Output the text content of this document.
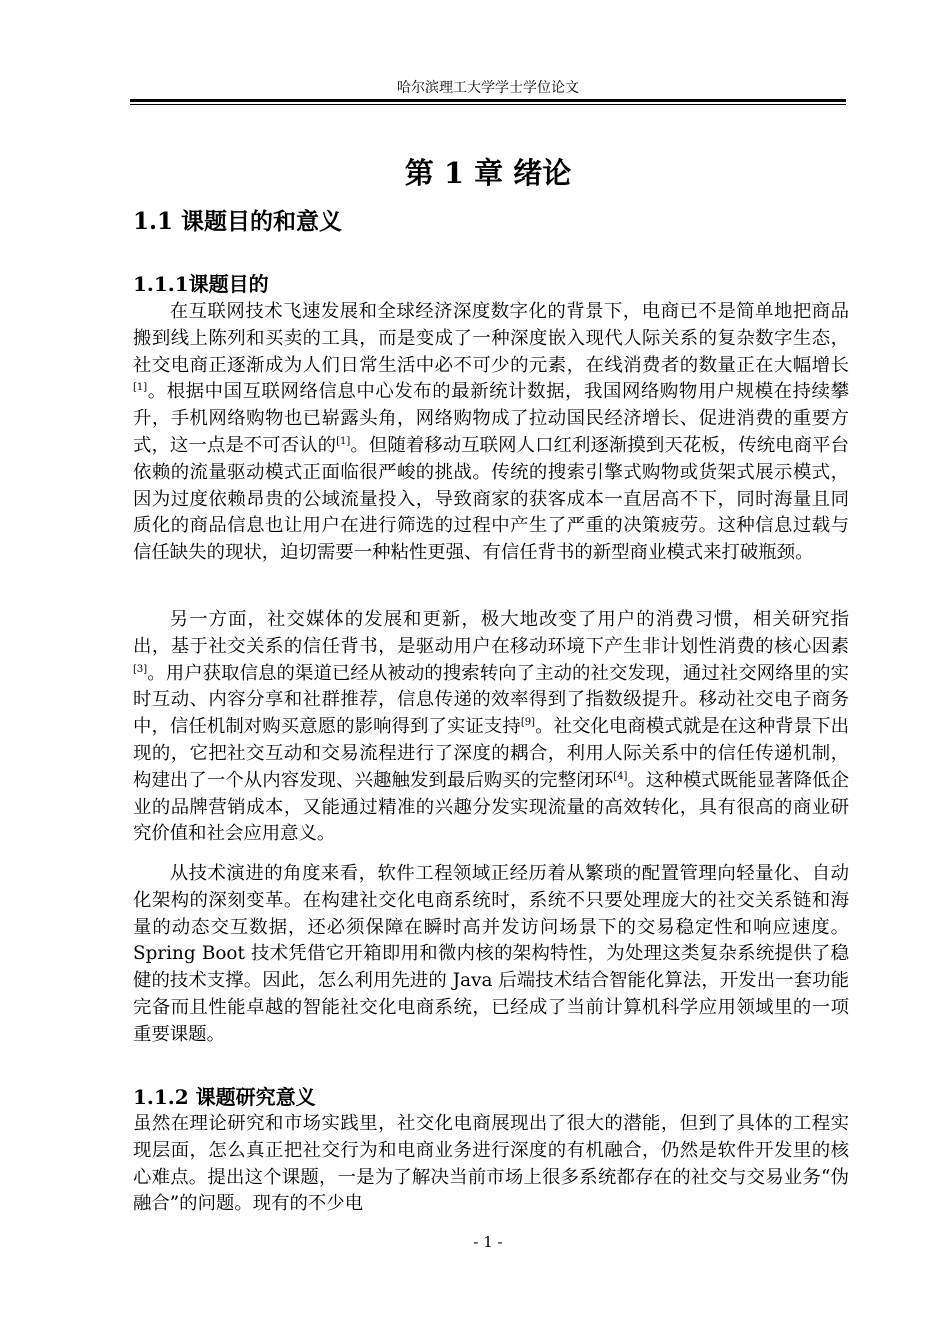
哈尔滨理工大学学士学位论文
第 1 章 绪论
1.1 课题目的和意义
1.1.1课题目的

在互联网技术飞速发展和全球经济深度数字化的背景下，电商已不是简单地把商品搬到线上陈列和买卖的工具，而是变成了一种深度嵌入现代人际关系的复杂数字生态，社交电商正逐渐成为人们日常生活中必不可少的元素，在线消费者的数量正在大幅增长[1]。根据中国互联网络信息中心发布的最新统计数据，我国网络购物用户规模在持续攀升，手机网络购物也已崭露头角，网络购物成了拉动国民经济增长、促进消费的重要方式，这一点是不可否认的[1]。但随着移动互联网人口红利逐渐摸到天花板，传统电商平台依赖的流量驱动模式正面临很严峻的挑战。传统的搜索引擎式购物或货架式展示模式，因为过度依赖昂贵的公域流量投入，导致商家的获客成本一直居高不下，同时海量且同质化的商品信息也让用户在进行筛选的过程中产生了严重的决策疲劳。这种信息过载与信任缺失的现状，迫切需要一种粘性更强、有信任背书的新型商业模式来打破瓶颈。

另一方面，社交媒体的发展和更新，极大地改变了用户的消费习惯，相关研究指出，基于社交关系的信任背书，是驱动用户在移动环境下产生非计划性消费的核心因素[3]。用户获取信息的渠道已经从被动的搜索转向了主动的社交发现，通过社交网络里的实时互动、内容分享和社群推荐，信息传递的效率得到了指数级提升。移动社交电子商务中，信任机制对购买意愿的影响得到了实证支持[9]。社交化电商模式就是在这种背景下出现的，它把社交互动和交易流程进行了深度的耦合，利用人际关系中的信任传递机制，构建出了一个从内容发现、兴趣触发到最后购买的完整闭环[4]。这种模式既能显著降低企业的品牌营销成本，又能通过精准的兴趣分发实现流量的高效转化，具有很高的商业研究价值和社会应用意义。

从技术演进的角度来看，软件工程领域正经历着从繁琐的配置管理向轻量化、自动化架构的深刻变革。在构建社交化电商系统时，系统不只要处理庞大的社交关系链和海量的动态交互数据，还必须保障在瞬时高并发访问场景下的交易稳定性和响应速度。Spring Boot 技术凭借它开箱即用和微内核的架构特性，为处理这类复杂系统提供了稳健的技术支撑。因此，怎么利用先进的 Java 后端技术结合智能化算法，开发出一套功能完备而且性能卓越的智能社交化电商系统，已经成了当前计算机科学应用领域里的一项重要课题。

1.1.2 课题研究意义

虽然在理论研究和市场实践里，社交化电商展现出了很大的潜能，但到了具体的工程实现层面，怎么真正把社交行为和电商业务进行深度的有机融合，仍然是软件开发里的核心难点。提出这个课题，一是为了解决当前市场上很多系统都存在的社交与交易业务“伪融合”的问题。现有的不少电

- 1 -
